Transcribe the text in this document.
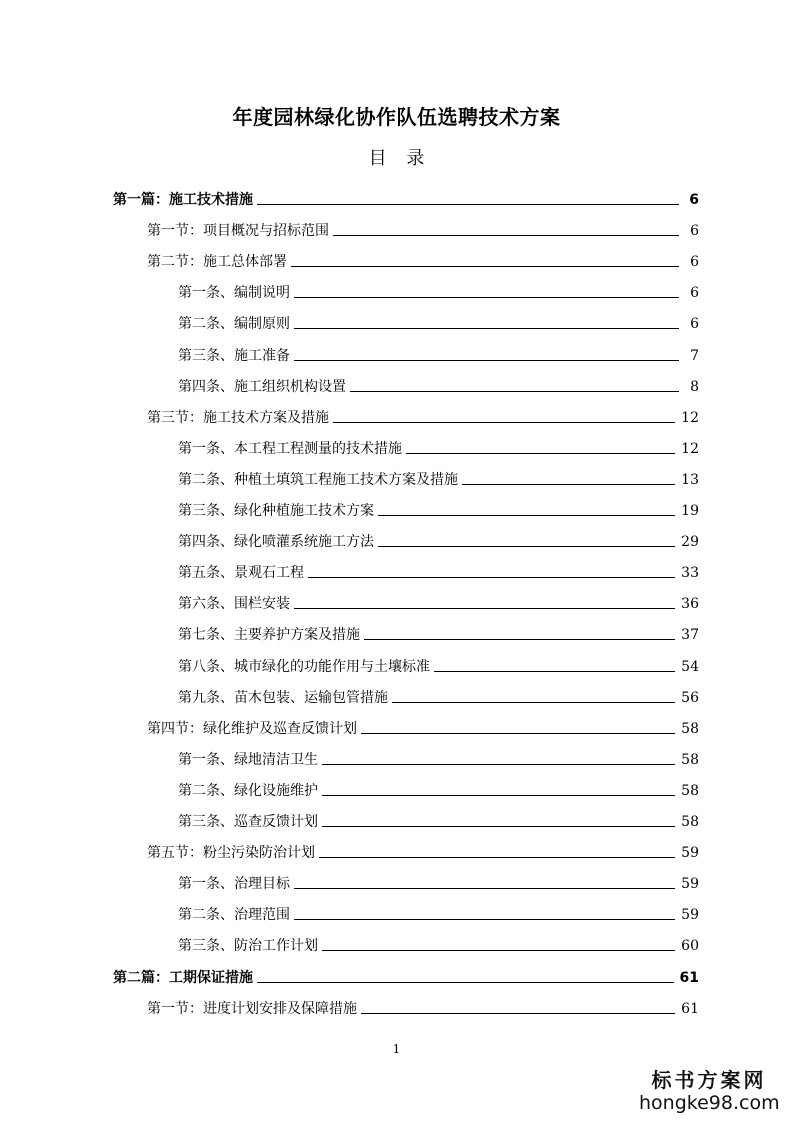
年度园林绿化协作队伍选聘技术方案
目 录
第一篇：施工技术措施	6
第一节：项目概况与招标范围	6
第二节：施工总体部署	6
第一条、编制说明	6
第二条、编制原则	6
第三条、施工准备	7
第四条、施工组织机构设置	8
第三节：施工技术方案及措施	12
第一条、本工程工程测量的技术措施	12
第二条、种植土填筑工程施工技术方案及措施	13
第三条、绿化种植施工技术方案	19
第四条、绿化喷灌系统施工方法	29
第五条、景观石工程	33
第六条、围栏安装	36
第七条、主要养护方案及措施	37
第八条、城市绿化的功能作用与土壤标准	54
第九条、苗木包装、运输包管措施	56
第四节：绿化维护及巡查反馈计划	58
第一条、绿地清洁卫生	58
第二条、绿化设施维护	58
第三条、巡查反馈计划	58
第五节：粉尘污染防治计划	59
第一条、治理目标	59
第二条、治理范围	59
第三条、防治工作计划	60
第二篇：工期保证措施	61
第一节：进度计划安排及保障措施	61
1
标书方案网
hongke98.com
